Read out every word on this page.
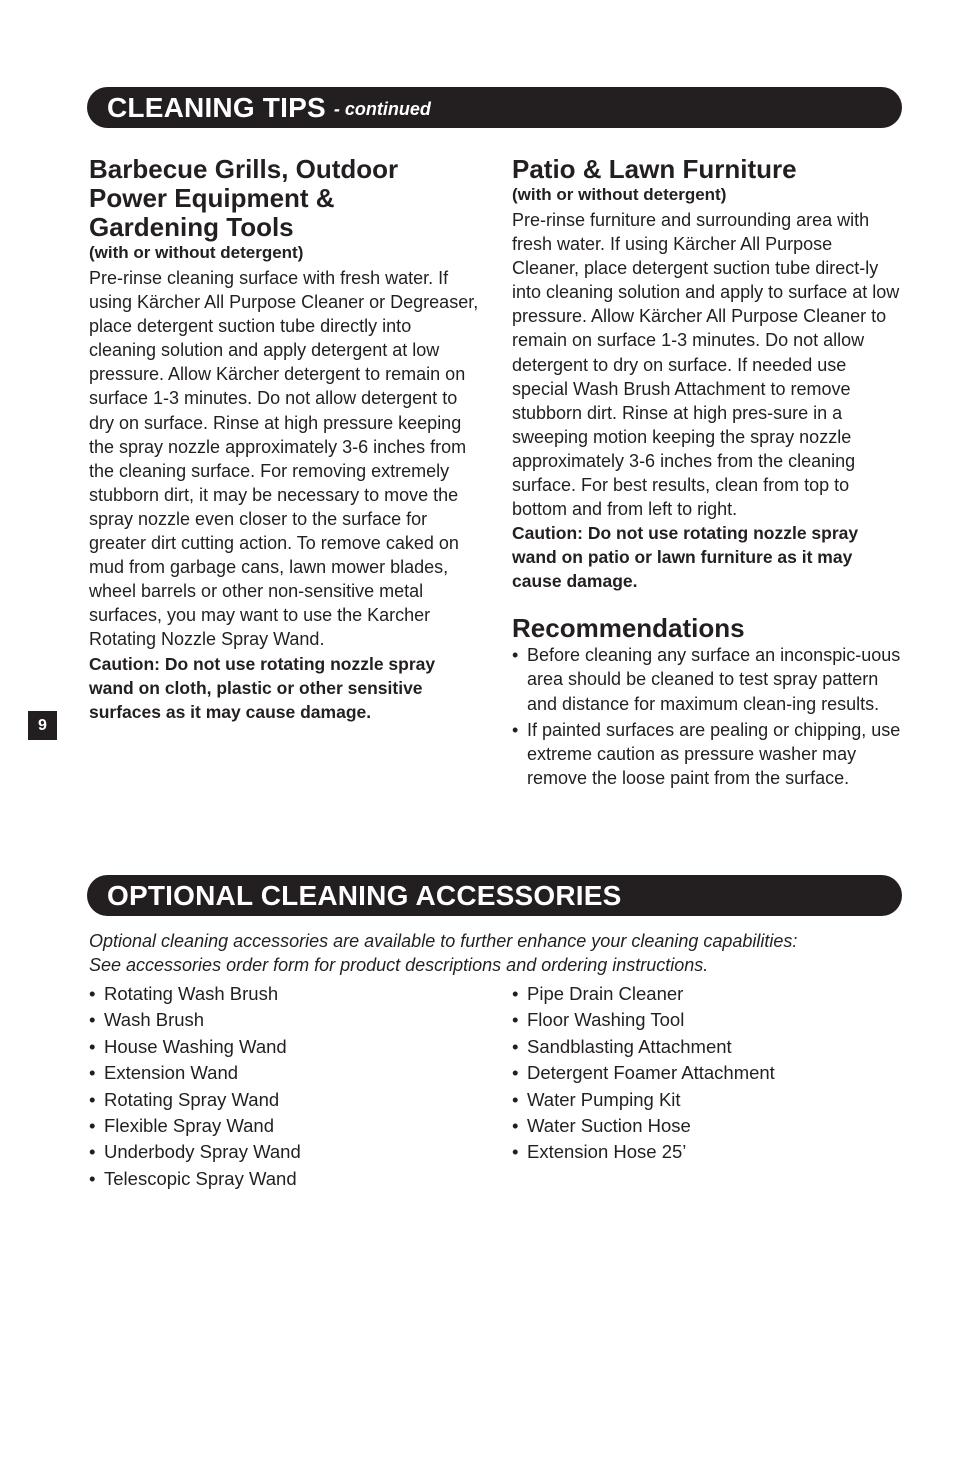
CLEANING TIPS - continued
Barbecue Grills, Outdoor
Power Equipment &
Gardening Tools

(with or without detergent)

Pre-rinse cleaning surface with fresh water. If using Kärcher All Purpose Cleaner or Degreaser, place detergent suction tube directly into cleaning solution and apply detergent at low pressure. Allow Kärcher detergent to remain on surface 1-3 minutes. Do not allow detergent to dry on surface. Rinse at high pressure keeping the spray nozzle approximately 3-6 inches from the cleaning surface. For removing extremely stubborn dirt, it may be necessary to move the spray nozzle even closer to the surface for greater dirt cutting action. To remove caked on mud from garbage cans, lawn mower blades, wheel barrels or other non-sensitive metal surfaces, you may want to use the Karcher Rotating Nozzle Spray Wand.

Caution: Do not use rotating nozzle spray wand on cloth, plastic or other sensitive surfaces as it may cause damage.

Patio & Lawn Furniture

(with or without detergent)

Pre-rinse furniture and surrounding area with fresh water. If using Kärcher All Purpose Cleaner, place detergent suction tube direct-ly into cleaning solution and apply to surface at low pressure. Allow Kärcher All Purpose Cleaner to remain on surface 1-3 minutes. Do not allow detergent to dry on surface. If needed use special Wash Brush Attachment to remove stubborn dirt. Rinse at high pres-sure in a sweeping motion keeping the spray nozzle approximately 3-6 inches from the cleaning surface. For best results, clean from top to bottom and from left to right.

Caution: Do not use rotating nozzle spray wand on patio or lawn furniture as it may cause damage.

Recommendations
• Before cleaning any surface an inconspic-uous area should be cleaned to test spray pattern and distance for maximum clean-ing results.
• If painted surfaces are pealing or chipping, use extreme caution as pressure washer may remove the loose paint from the surface.
9
OPTIONAL CLEANING ACCESSORIES

Optional cleaning accessories are available to further enhance your cleaning capabilities:
See accessories order form for product descriptions and ordering instructions.

• Rotating Wash Brush
• Wash Brush
• House Washing Wand
• Extension Wand
• Rotating Spray Wand
• Flexible Spray Wand
• Underbody Spray Wand
• Telescopic Spray Wand
• Pipe Drain Cleaner
• Floor Washing Tool
• Sandblasting Attachment
• Detergent Foamer Attachment
• Water Pumping Kit
• Water Suction Hose
• Extension Hose 25’
